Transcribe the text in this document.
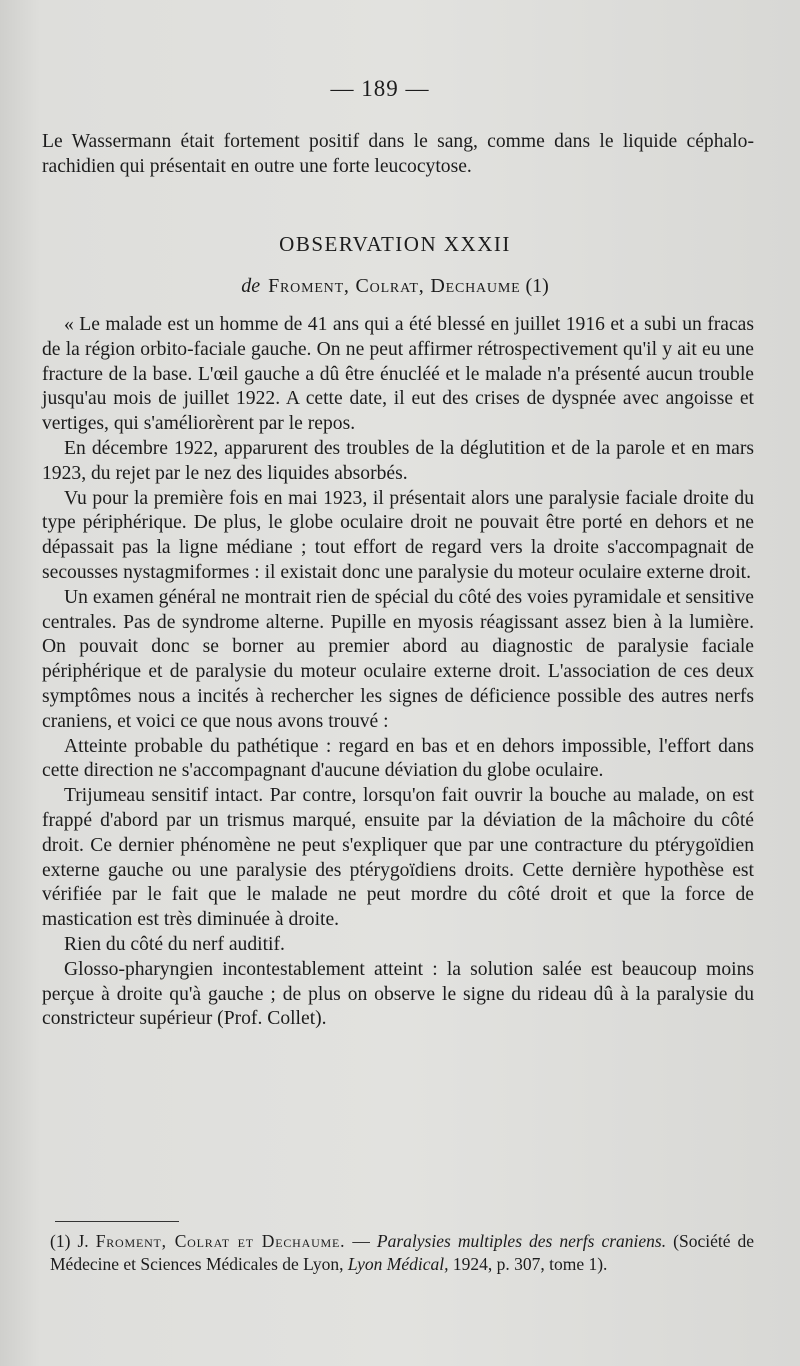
— 189 —

Le Wassermann était fortement positif dans le sang, comme dans le liquide céphalo-rachidien qui présentait en outre une forte leucocytose.

OBSERVATION XXXII
de Froment, Colrat, Dechaume (1)

« Le malade est un homme de 41 ans qui a été blessé en juillet 1916 et a subi un fracas de la région orbito-faciale gauche. On ne peut affirmer rétrospectivement qu'il y ait eu une fracture de la base. L'œil gauche a dû être énucléé et le malade n'a présenté aucun trouble jusqu'au mois de juillet 1922. A cette date, il eut des crises de dyspnée avec angoisse et vertiges, qui s'améliorèrent par le repos.

En décembre 1922, apparurent des troubles de la déglutition et de la parole et en mars 1923, du rejet par le nez des liquides absorbés.

Vu pour la première fois en mai 1923, il présentait alors une paralysie faciale droite du type périphérique. De plus, le globe oculaire droit ne pouvait être porté en dehors et ne dépassait pas la ligne médiane ; tout effort de regard vers la droite s'accompagnait de secousses nystagmiformes : il existait donc une paralysie du moteur oculaire externe droit.

Un examen général ne montrait rien de spécial du côté des voies pyramidale et sensitive centrales. Pas de syndrome alterne. Pupille en myosis réagissant assez bien à la lumière. On pouvait donc se borner au premier abord au diagnostic de paralysie faciale périphérique et de paralysie du moteur oculaire externe droit. L'association de ces deux symptômes nous a incités à rechercher les signes de déficience possible des autres nerfs craniens, et voici ce que nous avons trouvé :

Atteinte probable du pathétique : regard en bas et en dehors impossible, l'effort dans cette direction ne s'accompagnant d'aucune déviation du globe oculaire.

Trijumeau sensitif intact. Par contre, lorsqu'on fait ouvrir la bouche au malade, on est frappé d'abord par un trismus marqué, ensuite par la déviation de la mâchoire du côté droit. Ce dernier phénomène ne peut s'expliquer que par une contracture du ptérygoïdien externe gauche ou une paralysie des ptérygoïdiens droits. Cette dernière hypothèse est vérifiée par le fait que le malade ne peut mordre du côté droit et que la force de mastication est très diminuée à droite.

Rien du côté du nerf auditif.

Glosso-pharyngien incontestablement atteint : la solution salée est beaucoup moins perçue à droite qu'à gauche ; de plus on observe le signe du rideau dû à la paralysie du constricteur supérieur (Prof. Collet).

(1) J. Froment, Colrat et Dechaume. — Paralysies multiples des nerfs craniens. (Société de Médecine et Sciences Médicales de Lyon, Lyon Médical, 1924, p. 307, tome 1).
